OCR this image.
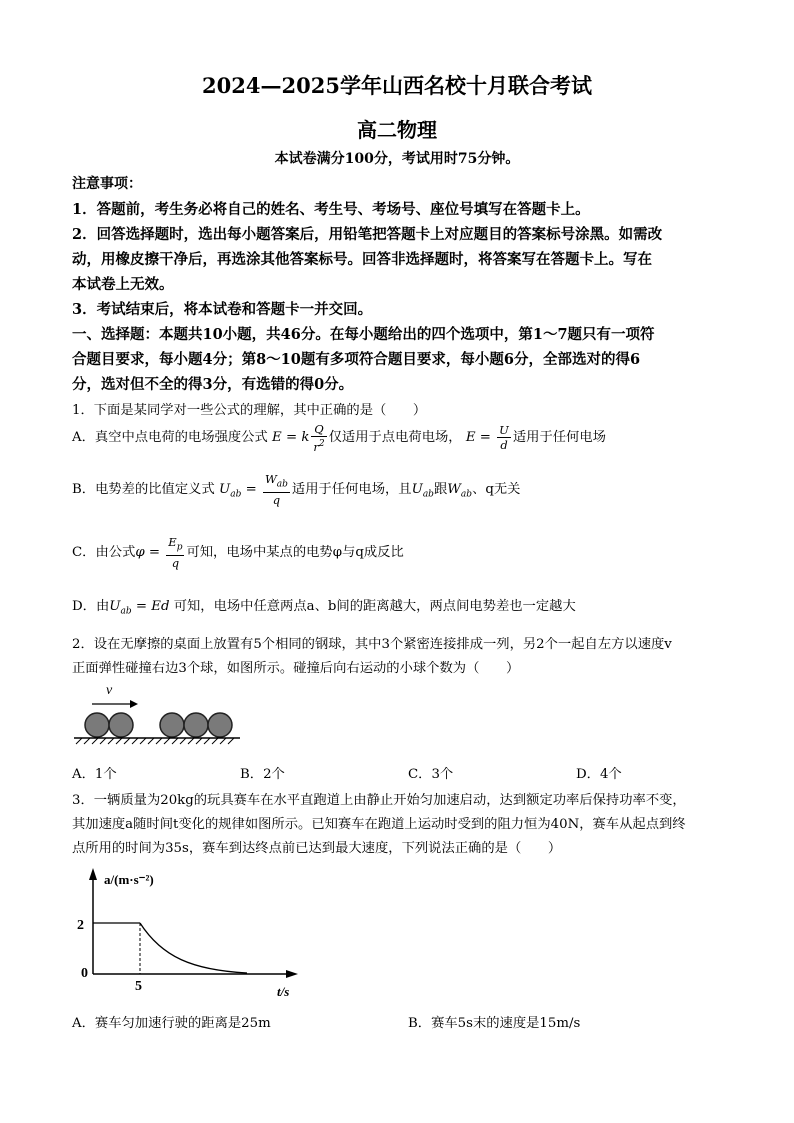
2024—2025学年山西名校十月联合考试
高二物理
本试卷满分100分，考试用时75分钟。
注意事项：
1．答题前，考生务必将自己的姓名、考生号、考场号、座位号填写在答题卡上。
2．回答选择题时，选出每小题答案后，用铅笔把答题卡上对应题目的答案标号涂黑。如需改
动，用橡皮擦干净后，再选涂其他答案标号。回答非选择题时，将答案写在答题卡上。写在
本试卷上无效。
3．考试结束后，将本试卷和答题卡一并交回。
一、选择题：本题共10小题，共46分。在每小题给出的四个选项中，第1～7题只有一项符
合题目要求，每小题4分；第8～10题有多项符合题目要求，每小题6分，全部选对的得6
分，选对但不全的得3分，有选错的得0分。
1．下面是某同学对一些公式的理解，其中正确的是（　　）
A．真空中点电荷的电场强度公式 E = k $\frac{Q}{r^2}$ 仅适用于点电荷电场， $E = \frac{U}{d}$ 适用于任何电场
B．电势差的比值定义式 $U_{ab} = \frac{W_{ab}}{q}$ 适用于任何电场，且$U_{ab}$跟$W_{ab}$、q无关
C．由公式$\varphi = \frac{E_p}{q}$ 可知，电场中某点的电势φ与q成反比
D．由$U_{ab} = Ed$ 可知，电场中任意两点a、b间的距离越大，两点间电势差也一定越大
2．设在无摩擦的桌面上放置有5个相同的钢球，其中3个紧密连接排成一列，另2个一起自左方以速度v
正面弹性碰撞右边3个球，如图所示。碰撞后向右运动的小球个数为（　　）
v
A．1个	B．2个	C．3个	D．4个
3．一辆质量为20kg的玩具赛车在水平直跑道上由静止开始匀加速启动，达到额定功率后保持功率不变，
其加速度a随时间t变化的规律如图所示。已知赛车在跑道上运动时受到的阻力恒为40N，赛车从起点到终
点所用的时间为35s，赛车到达终点前已达到最大速度，下列说法正确的是（　　）
a/(m·s⁻²)
2
0
5	t/s
A．赛车匀加速行驶的距离是25m	B．赛车5s末的速度是15m/s
